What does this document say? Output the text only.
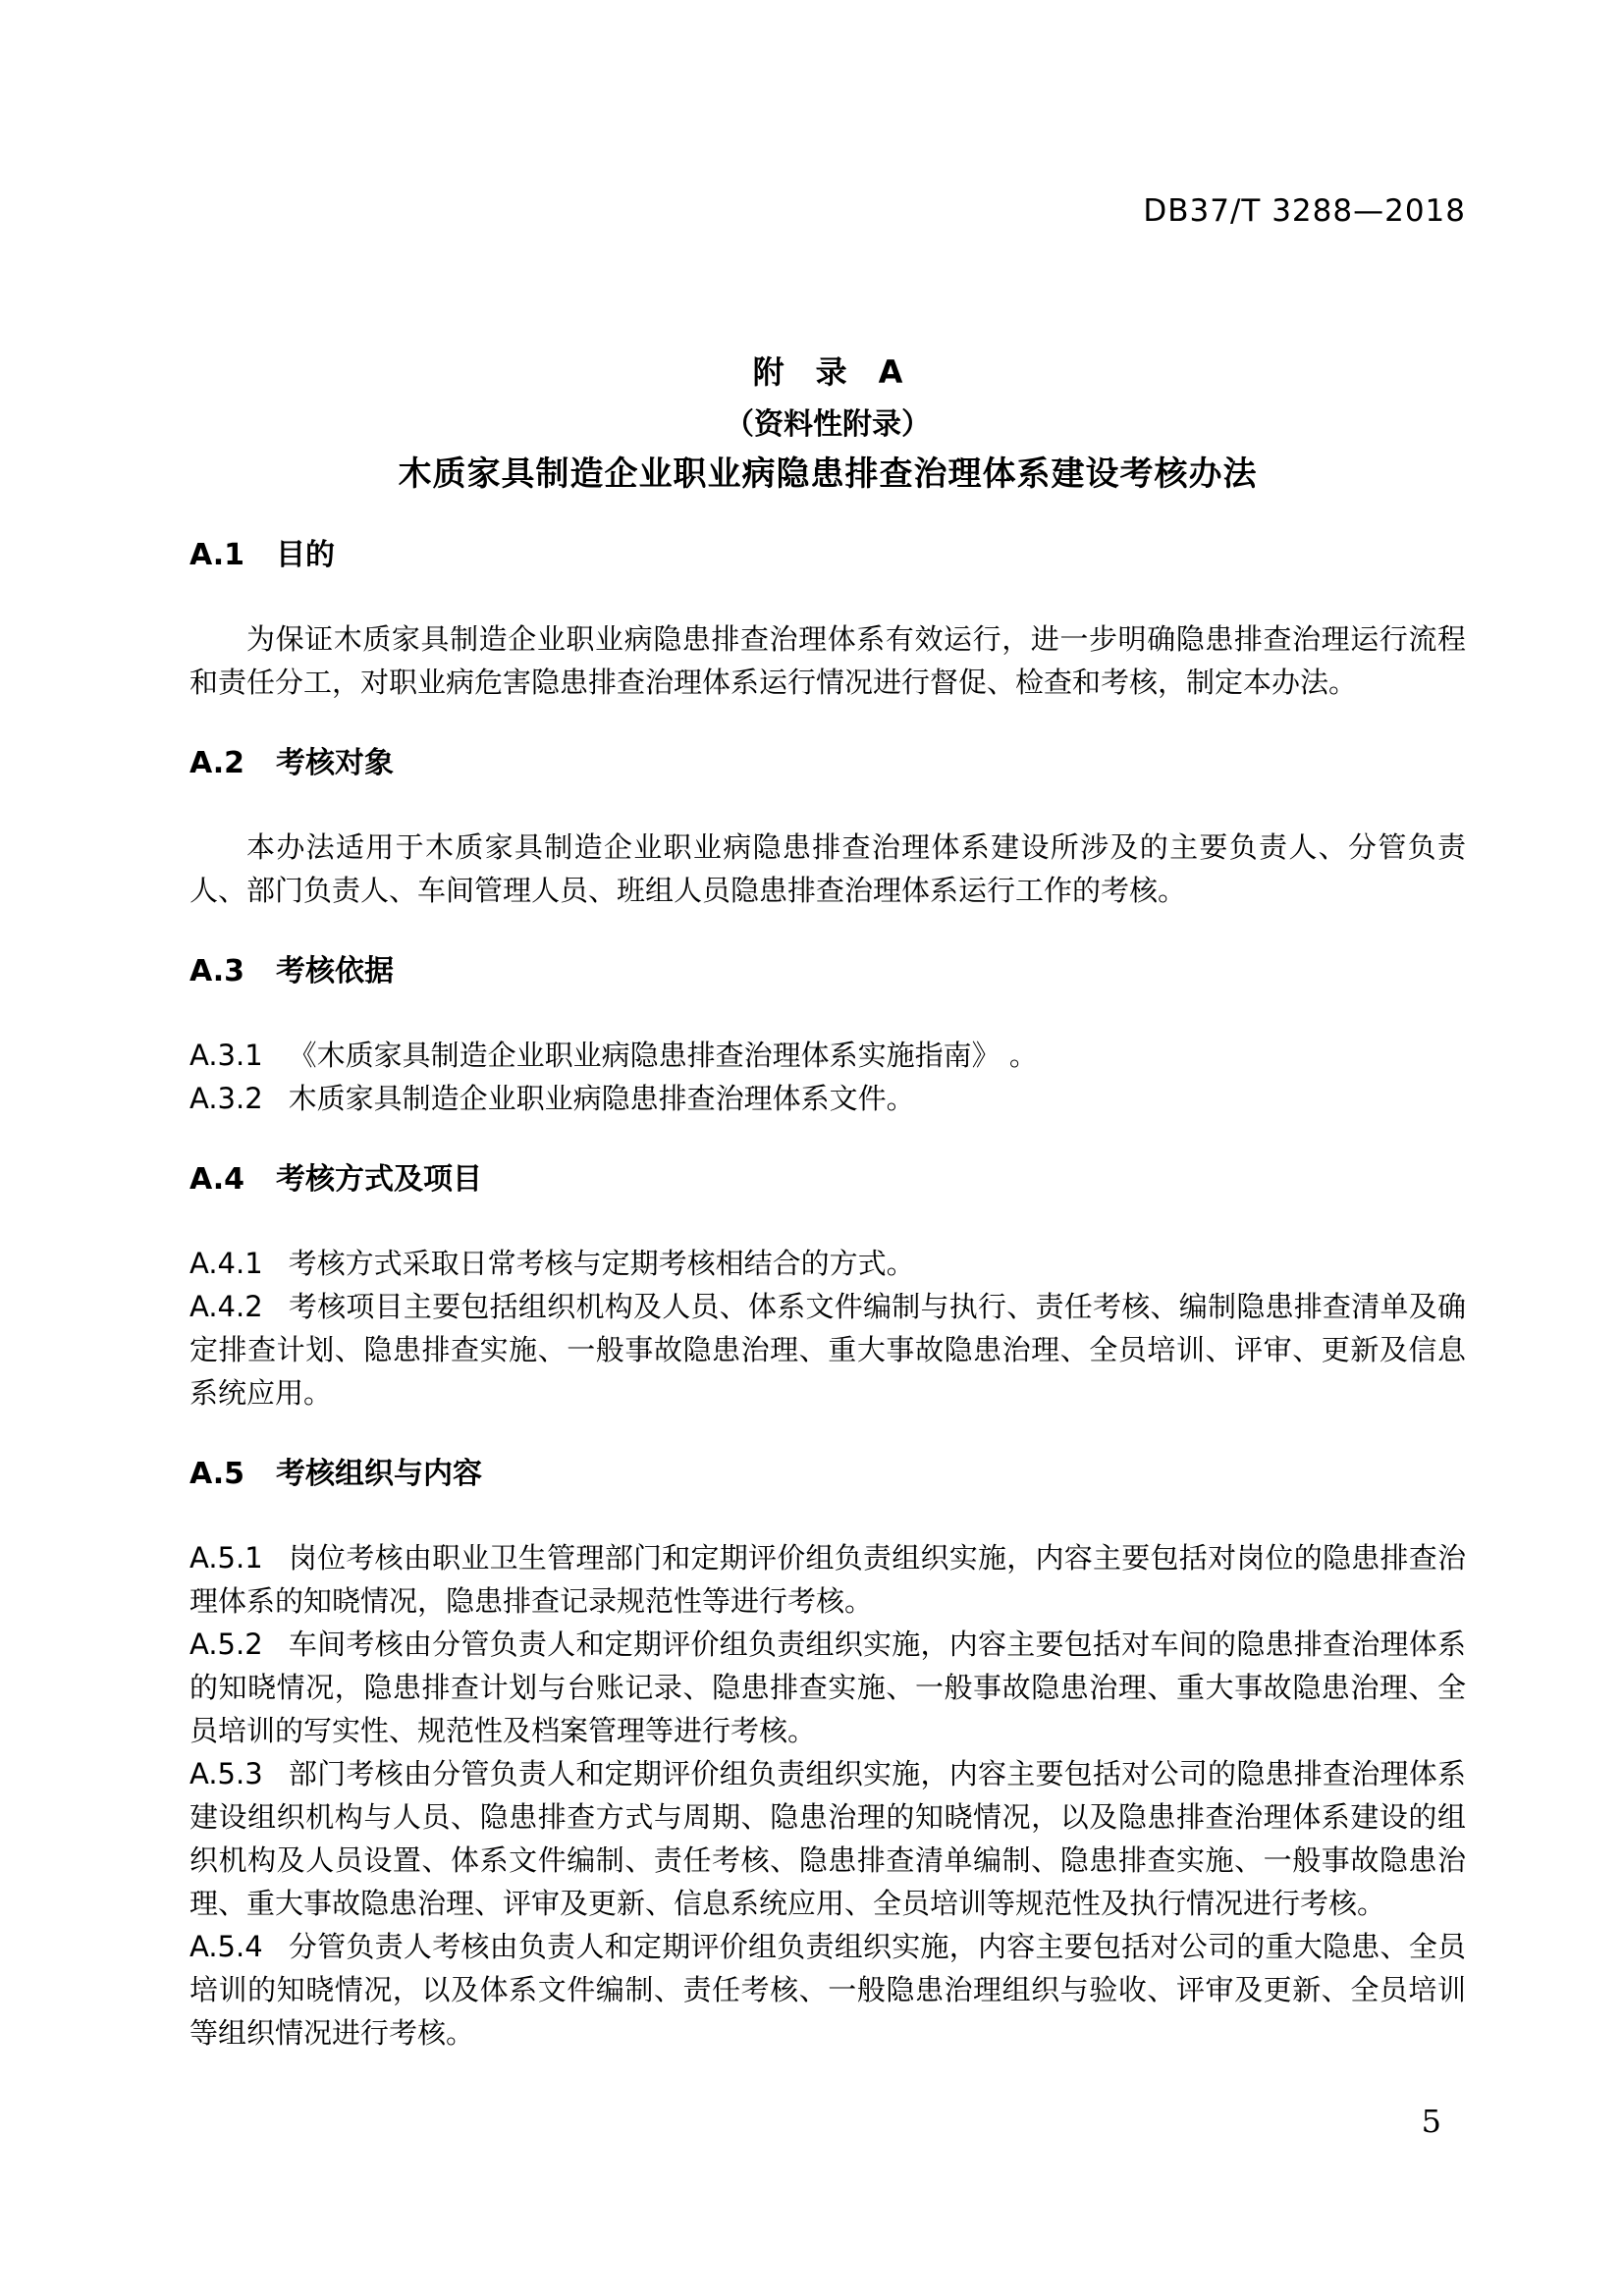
DB37/T 3288—2018
附　录　A
（资料性附录）
木质家具制造企业职业病隐患排查治理体系建设考核办法
A.1 目的

为保证木质家具制造企业职业病隐患排查治理体系有效运行，进一步明确隐患排查治理运行流程和责任分工，对职业病危害隐患排查治理体系运行情况进行督促、检查和考核，制定本办法。

A.2 考核对象

本办法适用于木质家具制造企业职业病隐患排查治理体系建设所涉及的主要负责人、分管负责人、部门负责人、车间管理人员、班组人员隐患排查治理体系运行工作的考核。

A.3 考核依据

A.3.1 《木质家具制造企业职业病隐患排查治理体系实施指南》 。

A.3.2 木质家具制造企业职业病隐患排查治理体系文件。

A.4 考核方式及项目

A.4.1 考核方式采取日常考核与定期考核相结合的方式。

A.4.2 考核项目主要包括组织机构及人员、体系文件编制与执行、责任考核、编制隐患排查清单及确定排查计划、隐患排查实施、一般事故隐患治理、重大事故隐患治理、全员培训、评审、更新及信息系统应用。

A.5 考核组织与内容

A.5.1 岗位考核由职业卫生管理部门和定期评价组负责组织实施，内容主要包括对岗位的隐患排查治理体系的知晓情况，隐患排查记录规范性等进行考核。

A.5.2 车间考核由分管负责人和定期评价组负责组织实施，内容主要包括对车间的隐患排查治理体系的知晓情况，隐患排查计划与台账记录、隐患排查实施、一般事故隐患治理、重大事故隐患治理、全员培训的写实性、规范性及档案管理等进行考核。

A.5.3 部门考核由分管负责人和定期评价组负责组织实施，内容主要包括对公司的隐患排查治理体系建设组织机构与人员、隐患排查方式与周期、隐患治理的知晓情况，以及隐患排查治理体系建设的组织机构及人员设置、体系文件编制、责任考核、隐患排查清单编制、隐患排查实施、一般事故隐患治理、重大事故隐患治理、评审及更新、信息系统应用、全员培训等规范性及执行情况进行考核。

A.5.4 分管负责人考核由负责人和定期评价组负责组织实施，内容主要包括对公司的重大隐患、全员培训的知晓情况，以及体系文件编制、责任考核、一般隐患治理组织与验收、评审及更新、全员培训等组织情况进行考核。

5
